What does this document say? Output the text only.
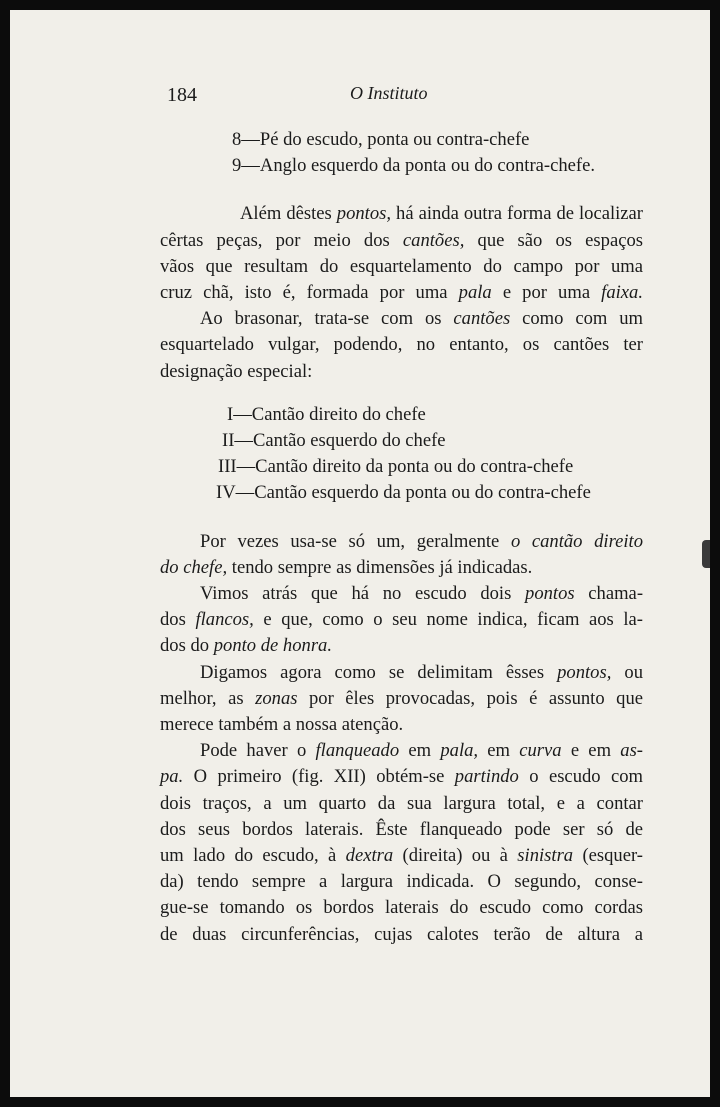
184	O Instituto
8—Pé do escudo, ponta ou contra-chefe
9—Anglo esquerdo da ponta ou do contra-chefe.
Além dêstes pontos, há ainda outra forma de localizar
cêrtas peças, por meio dos cantões, que são os espaços
vãos que resultam do esquartelamento do campo por uma
cruz chã, isto é, formada por uma pala e por uma faixa.
Ao brasonar, trata-se com os cantões como com um
esquartelado vulgar, podendo, no entanto, os cantões ter
designação especial:
I—Cantão direito do chefe
II—Cantão esquerdo do chefe
III—Cantão direito da ponta ou do contra-chefe
IV—Cantão esquerdo da ponta ou do contra-chefe
Por vezes usa-se só um, geralmente o cantão direito
do chefe, tendo sempre as dimensões já indicadas.
Vimos atrás que há no escudo dois pontos chama-
dos flancos, e que, como o seu nome indica, ficam aos la-
dos do ponto de honra.
Digamos agora como se delimitam êsses pontos, ou
melhor, as zonas por êles provocadas, pois é assunto que
merece também a nossa atenção.
Pode haver o flanqueado em pala, em curva e em as-
pa. O primeiro (fig. XII) obtém-se partindo o escudo com
dois traços, a um quarto da sua largura total, e a contar
dos seus bordos laterais. Êste flanqueado pode ser só de
um lado do escudo, à dextra (direita) ou à sinistra (esquer-
da) tendo sempre a largura indicada. O segundo, conse-
gue-se tomando os bordos laterais do escudo como cordas
de duas circunferências, cujas calotes terão de altura a
